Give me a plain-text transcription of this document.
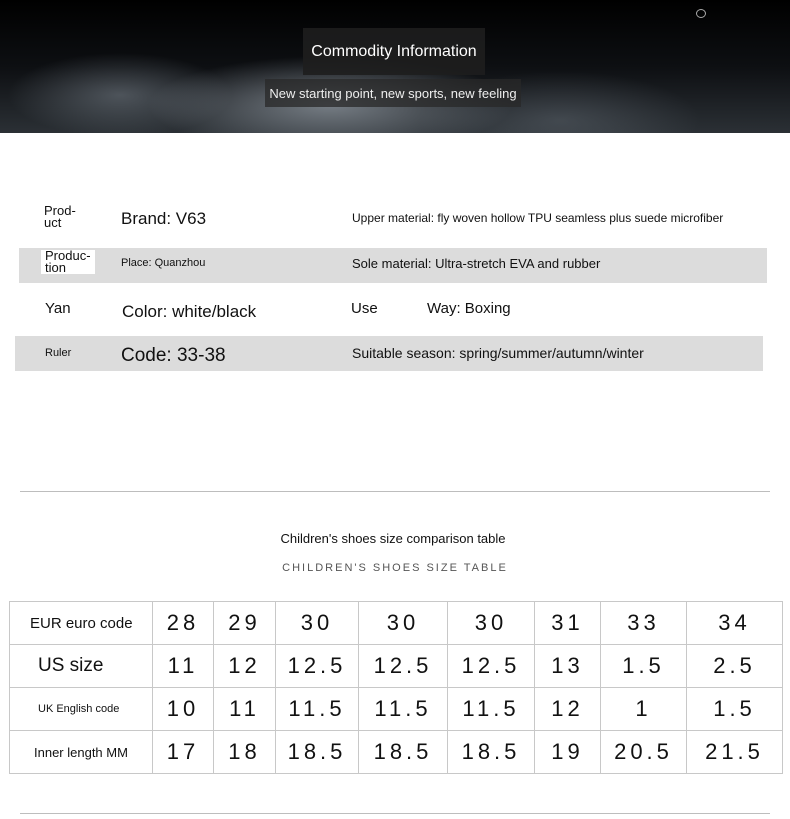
Commodity Information
New starting point, new sports, new feeling
Prod-
uct	Brand: V63	Upper material: fly woven hollow TPU seamless plus suede microfiber
Produc-
tion	Place: Quanzhou	Sole material: Ultra-stretch EVA and rubber
Yan	Color: white/black	Use	Way: Boxing
Ruler	Code: 33-38	Suitable season: spring/summer/autumn/winter
Children's shoes size comparison table
CHILDREN'S SHOES SIZE TABLE
EUR euro code	28	29	30	30	30	31	33	34
US size	11	12	12.5	12.5	12.5	13	1.5	2.5
UK English code	10	11	11.5	11.5	11.5	12	1	1.5
Inner length MM	17	18	18.5	18.5	18.5	19	20.5	21.5
